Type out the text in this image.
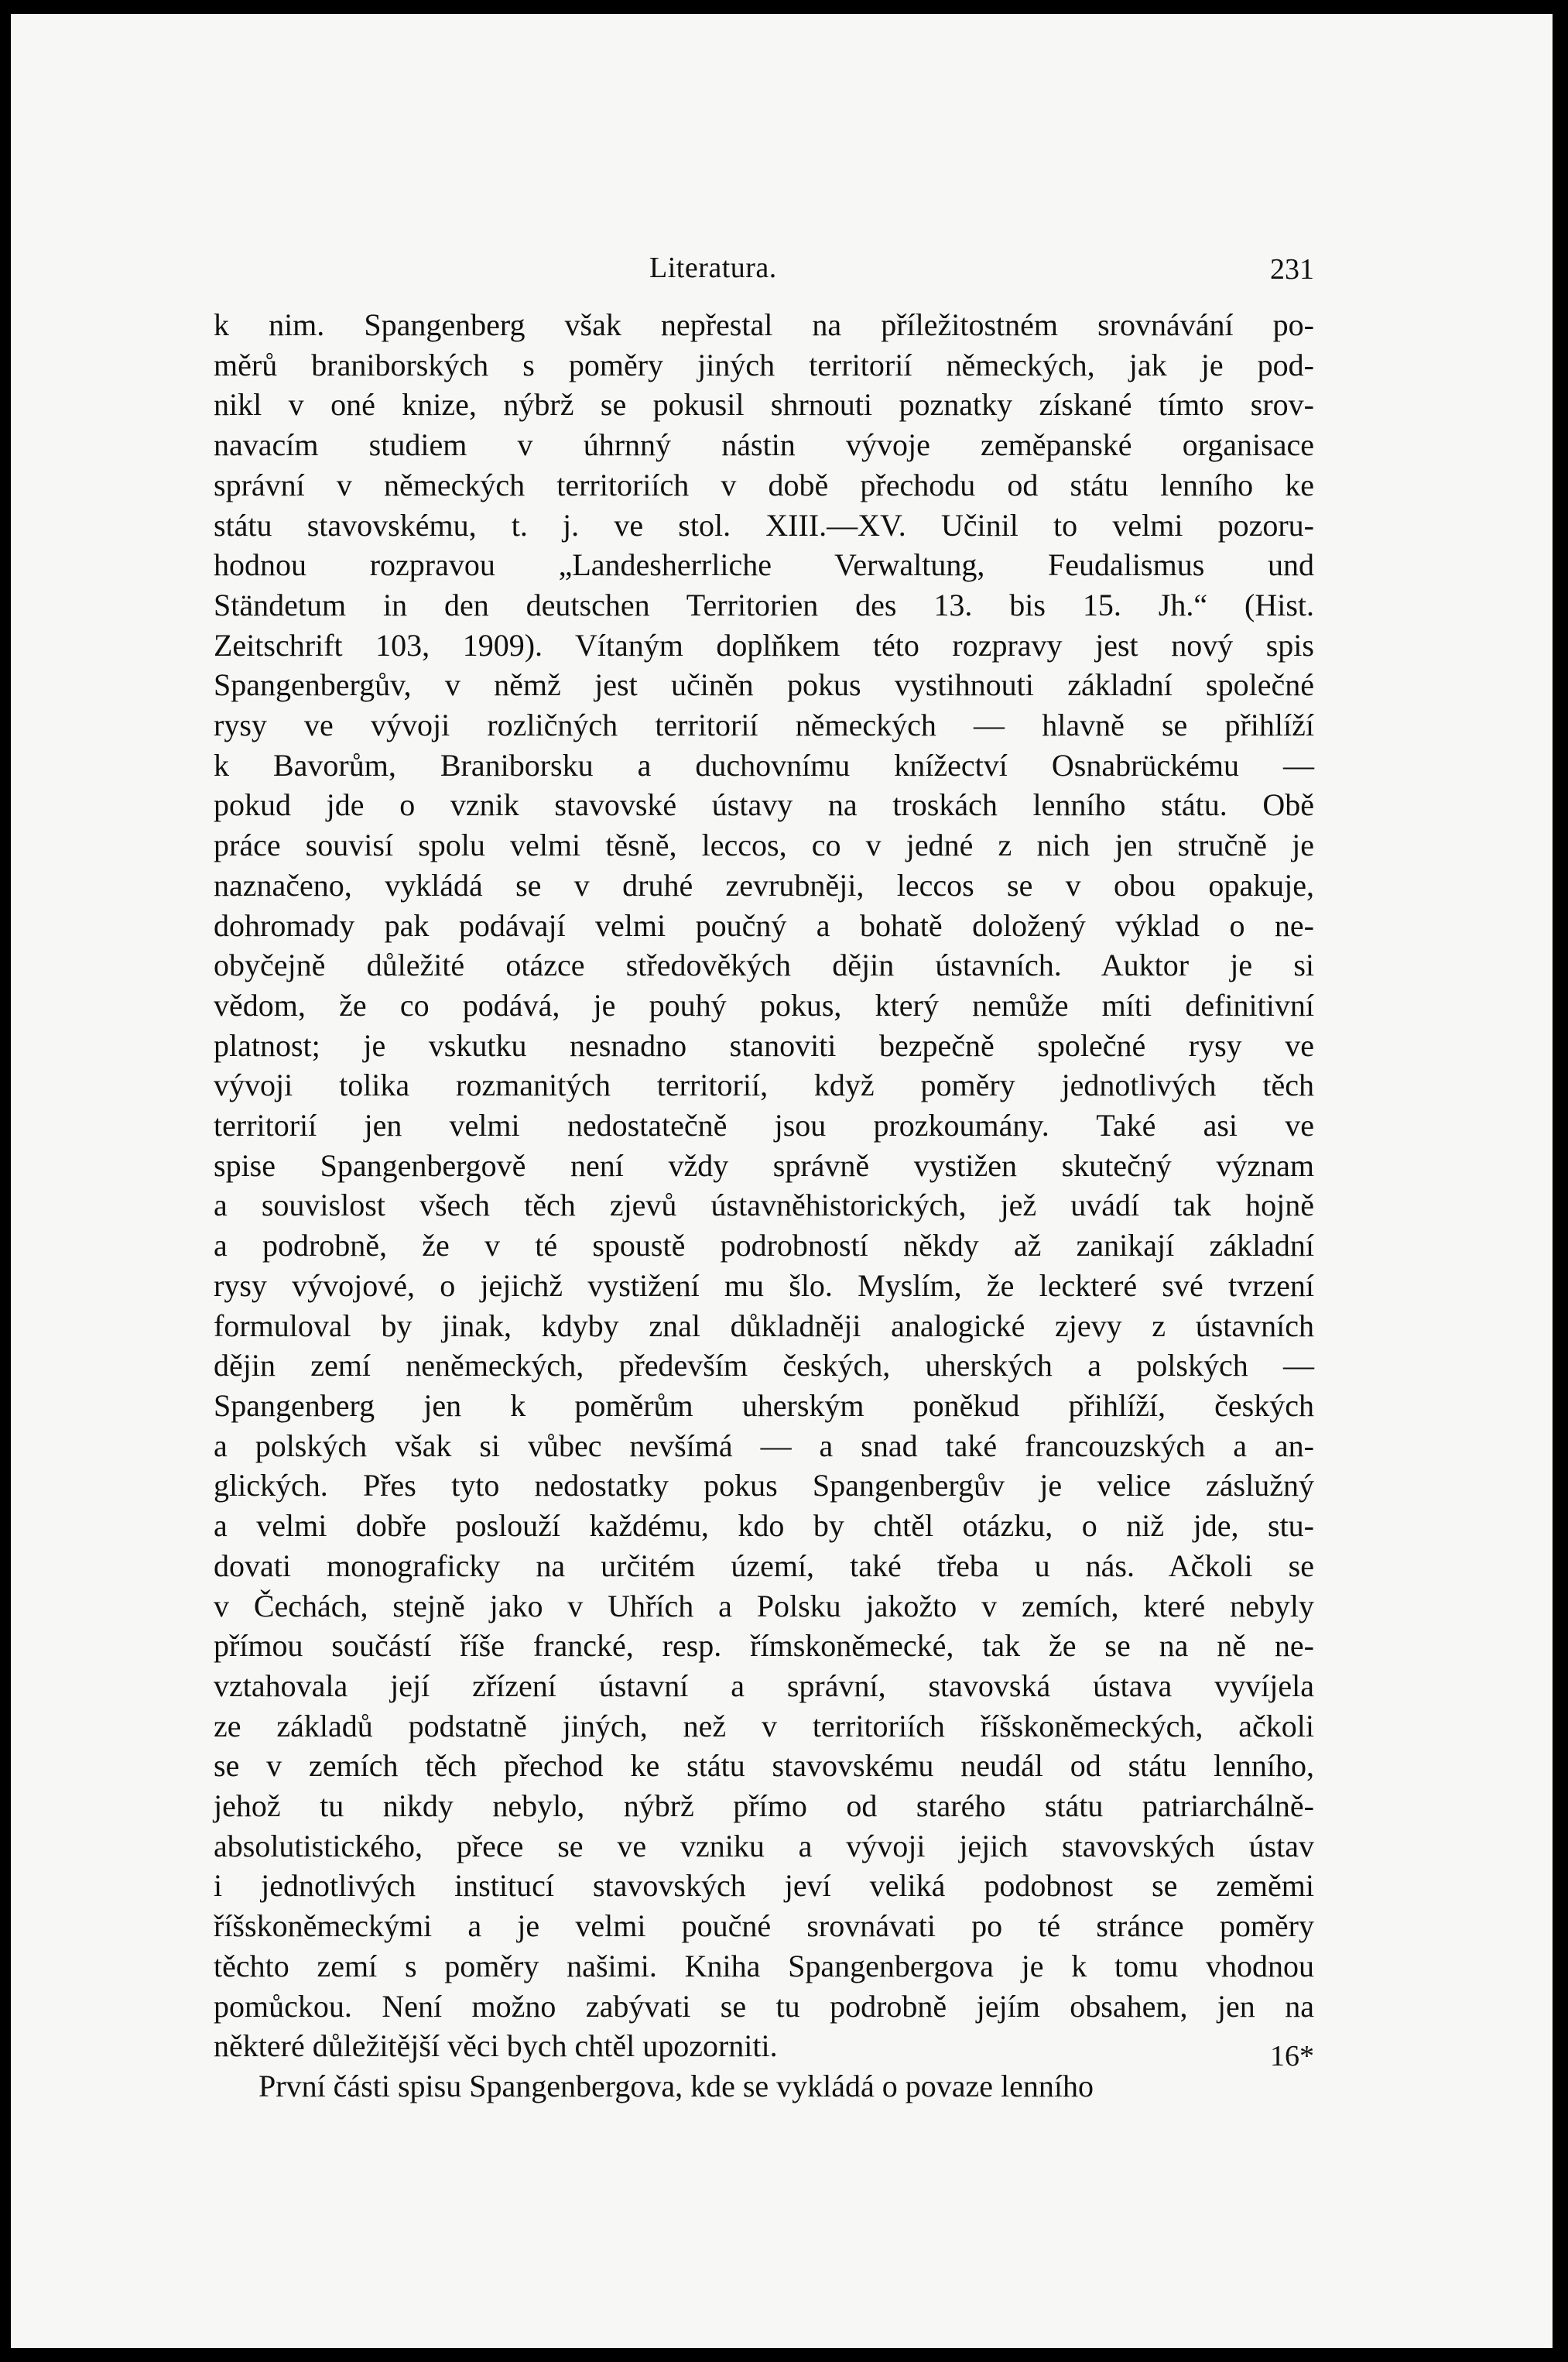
Literatura.	231

k nim. Spangenberg však nepřestal na příležitostném srovnávání po-

měrů braniborských s poměry jiných territorií německých, jak je pod-

nikl v oné knize, nýbrž se pokusil shrnouti poznatky získané tímto srov-

navacím studiem v úhrnný nástin vývoje zeměpanské organisace

správní v německých territoriích v době přechodu od státu lenního ke

státu stavovskému, t. j. ve stol. XIII.—XV. Učinil to velmi pozoru-

hodnou rozpravou „Landesherrliche Verwaltung, Feudalismus und

Ständetum in den deutschen Territorien des 13. bis 15. Jh.“ (Hist.

Zeitschrift 103, 1909). Vítaným doplňkem této rozpravy jest nový spis

Spangenbergův, v němž jest učiněn pokus vystihnouti základní společné

rysy ve vývoji rozličných territorií německých — hlavně se přihlíží

k Bavorům, Braniborsku a duchovnímu knížectví Osnabrückému —

pokud jde o vznik stavovské ústavy na troskách lenního státu. Obě

práce souvisí spolu velmi těsně, leccos, co v jedné z nich jen stručně je

naznačeno, vykládá se v druhé zevrubněji, leccos se v obou opakuje,

dohromady pak podávají velmi poučný a bohatě doložený výklad o ne-

obyčejně důležité otázce středověkých dějin ústavních. Auktor je si

vědom, že co podává, je pouhý pokus, který nemůže míti definitivní

platnost; je vskutku nesnadno stanoviti bezpečně společné rysy ve

vývoji tolika rozmanitých territorií, když poměry jednotlivých těch

territorií jen velmi nedostatečně jsou prozkoumány. Také asi ve

spise Spangenbergově není vždy správně vystižen skutečný význam

a souvislost všech těch zjevů ústavněhistorických, jež uvádí tak hojně

a podrobně, že v té spoustě podrobností někdy až zanikají základní

rysy vývojové, o jejichž vystižení mu šlo. Myslím, že leckteré své tvrzení

formuloval by jinak, kdyby znal důkladněji analogické zjevy z ústavních

dějin zemí neněmeckých, především českých, uherských a polských —

Spangenberg jen k poměrům uherským poněkud přihlíží, českých

a polských však si vůbec nevšímá — a snad také francouzských a an-

glických. Přes tyto nedostatky pokus Spangenbergův je velice záslužný

a velmi dobře poslouží každému, kdo by chtěl otázku, o niž jde, stu-

dovati monograficky na určitém území, také třeba u nás. Ačkoli se

v Čechách, stejně jako v Uhřích a Polsku jakožto v zemích, které nebyly

přímou součástí říše francké, resp. římskoněmecké, tak že se na ně ne-

vztahovala její zřízení ústavní a správní, stavovská ústava vyvíjela

ze základů podstatně jiných, než v territoriích říšskoněmeckých, ačkoli

se v zemích těch přechod ke státu stavovskému neudál od státu lenního,

jehož tu nikdy nebylo, nýbrž přímo od starého státu patriarchálně-

absolutistického, přece se ve vzniku a vývoji jejich stavovských ústav

i jednotlivých institucí stavovských jeví veliká podobnost se zeměmi

říšskoněmeckými a je velmi poučné srovnávati po té stránce poměry

těchto zemí s poměry našimi. Kniha Spangenbergova je k tomu vhodnou

pomůckou. Není možno zabývati se tu podrobně jejím obsahem, jen na

některé důležitější věci bych chtěl upozorniti.

První části spisu Spangenbergova, kde se vykládá o povaze lenního

16*
